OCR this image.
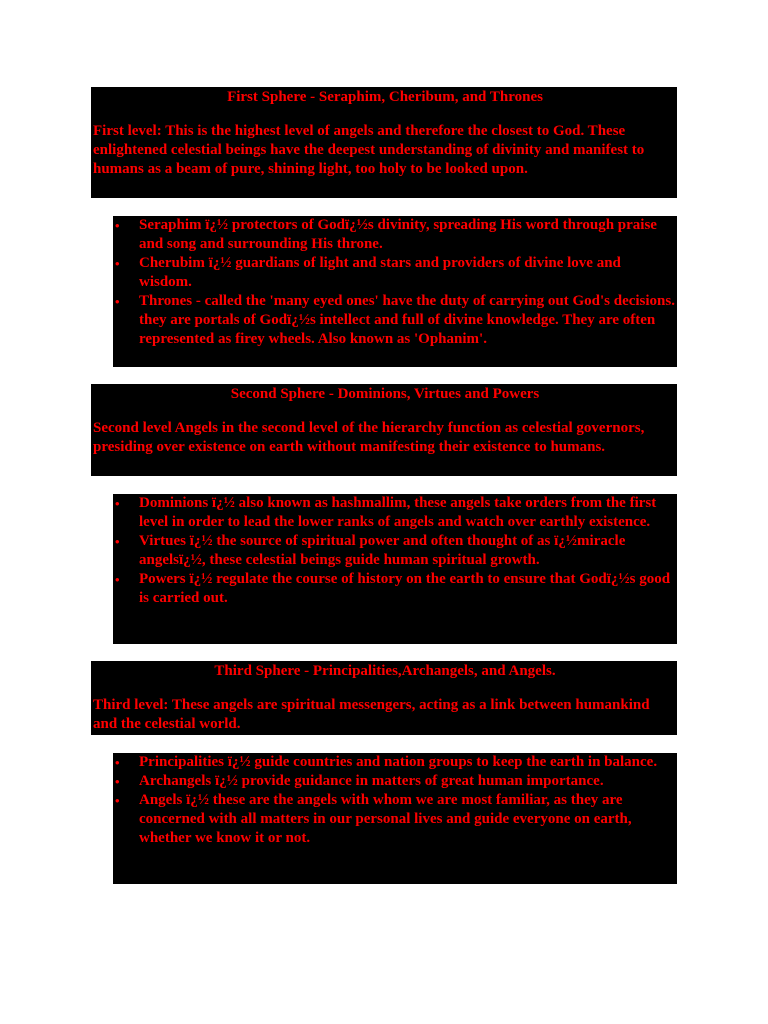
First Sphere - Seraphim, Cheribum, and Thrones
First level: This is the highest level of angels and therefore the closest to God. These enlightened celestial beings have the deepest understanding of divinity and manifest to humans as a beam of pure, shining light, too holy to be looked upon.
• Seraphim ï¿½ protectors of Godï¿½s divinity, spreading His word through praise and song and surrounding His throne.
• Cherubim ï¿½ guardians of light and stars and providers of divine love and wisdom.
• Thrones - called the 'many eyed ones' have the duty of carrying out God's decisions. they are portals of Godï¿½s intellect and full of divine knowledge. They are often represented as firey wheels. Also known as 'Ophanim'.
Second Sphere - Dominions, Virtues and Powers
Second level Angels in the second level of the hierarchy function as celestial governors, presiding over existence on earth without manifesting their existence to humans.
• Dominions ï¿½ also known as hashmallim, these angels take orders from the first level in order to lead the lower ranks of angels and watch over earthly existence.
• Virtues ï¿½ the source of spiritual power and often thought of as ï¿½miracle angelsï¿½, these celestial beings guide human spiritual growth.
• Powers ï¿½ regulate the course of history on the earth to ensure that Godï¿½s good is carried out.
Third Sphere - Principalities,Archangels, and Angels.
Third level: These angels are spiritual messengers, acting as a link between humankind and the celestial world.
• Principalities ï¿½ guide countries and nation groups to keep the earth in balance.
• Archangels ï¿½ provide guidance in matters of great human importance.
• Angels ï¿½ these are the angels with whom we are most familiar, as they are concerned with all matters in our personal lives and guide everyone on earth, whether we know it or not.
